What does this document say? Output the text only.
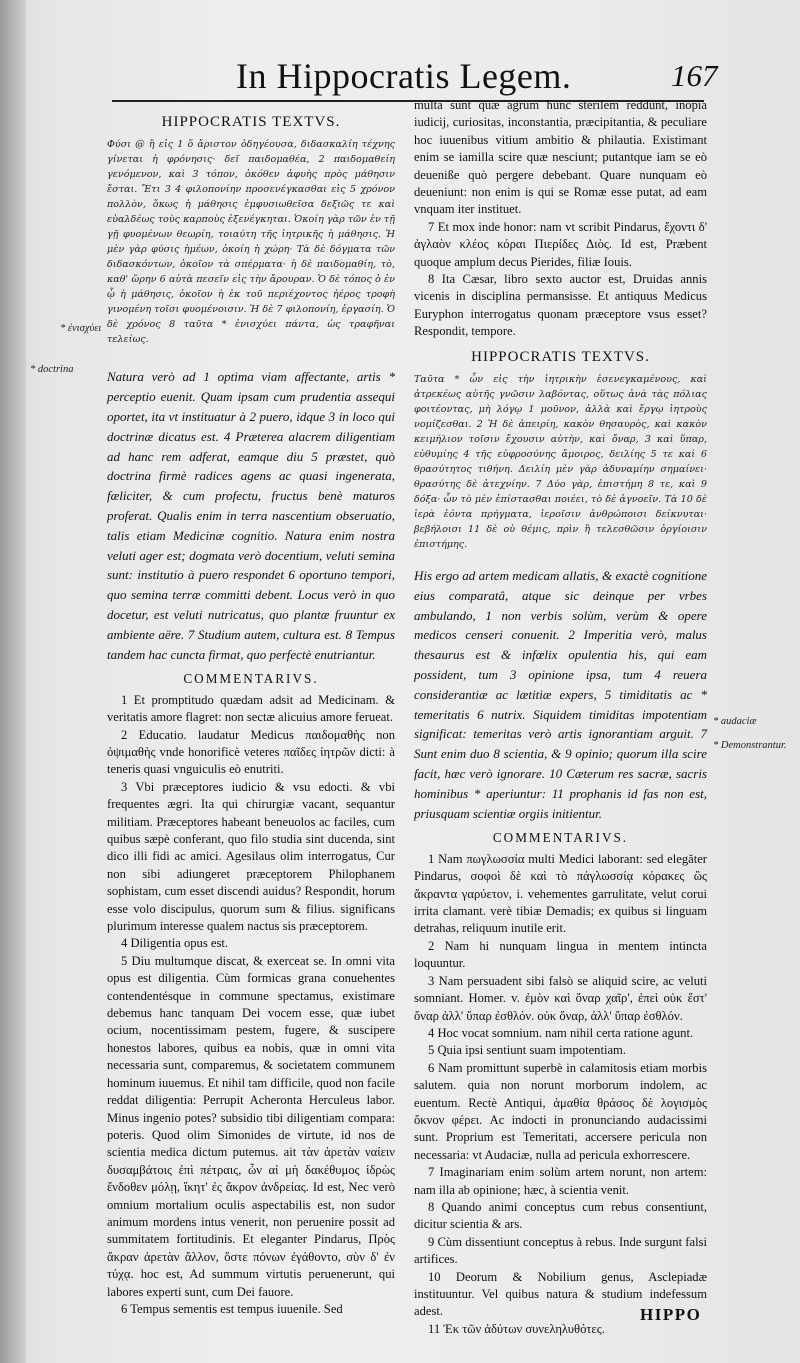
In Hippocratis Legem.	167
* ἐνισχύει
* doctrina
* audaciæ
* Demonstrantur.
HIPPOCRATIS TEXTVS.

Φύσι @ ἢ εἰς 1 ὅ ἄριστον ὁδηγέουσα, διδασκαλίη τέχνης γίνεται ἡ φρόνησις· δεῖ παιδομαθέα, 2 παιδομαθείη γενόμενον, καὶ 3 τόπον, ὁκόθεν ἀφυὴς πρὸς μάθησιν ἔσται. Ἔτι 3 4 φιλοπονίην προσενέγκασθαι εἰς 5 χρόνον πολλὸν, ὅκως ἡ μάθησις ἐμφυσιωθεῖσα δεξιῶς τε καὶ εὐαλδέως τοὺς καρποὺς ἐξενέγκηται. Ὁκοίη γὰρ τῶν ἐν τῇ γῇ φυομένων θεωρίη, τοιαύτη τῆς ἰητρικῆς ἡ μάθησις. Ἡ μὲν γὰρ φύσις ἡμέων, ὁκοίη ἡ χώρη· Τὰ δὲ δόγματα τῶν διδασκόντων, ὁκοῖον τὰ σπέρματα· ἡ δὲ παιδομαθίη, τὸ, καθ' ὥρην 6 αὐτὰ πεσεῖν εἰς τὴν ἄρουραν. Ὁ δὲ τόπος ὁ ἐν ᾧ ἡ μάθησις, ὁκοῖον ἡ ἐκ τοῦ περιέχοντος ἠέρος τροφὴ γινομένη τοῖσι φυομένοισιν. Ἡ δὲ 7 φιλοπονίη, ἐργασίη. Ὁ δὲ χρόνος 8 ταῦτα * ἐνισχύει πάντα, ὡς τραφῆναι τελείως.

Natura verò ad 1 optima viam affectante, artis * perceptio euenit. Quam ipsam cum prudentia assequi oportet, ita vt instituatur à 2 puero, idque 3 in loco qui doctrinæ dicatus est. 4 Præterea alacrem diligentiam ad hanc rem adferat, eamque diu 5 præstet, quò doctrina firmè radices agens ac quasi ingenerata, fæliciter, & cum profectu, fructus benè maturos proferat. Qualis enim in terra nascentium obseruatio, talis etiam Medicinæ cognitio. Natura enim nostra veluti ager est; dogmata verò docentium, veluti semina sunt: institutio à puero respondet 6 oportuno tempori, quo semina terræ committi debent. Locus verò in quo docetur, est veluti nutricatus, quo plantæ fruuntur ex ambiente aëre. 7 Studium autem, cultura est. 8 Tempus tandem hac cuncta firmat, quo perfectè enutriantur.

COMMENTARIVS.

1 Et promptitudo quædam adsit ad Medicinam. & veritatis amore flagret: non sectæ alicuius amore ferueat.

2 Educatio. laudatur Medicus παιδομαθὴς non ὀψιμαθὴς vnde honorificè veteres παῖδες ἰητρῶν dicti: à teneris quasi vnguiculis eò enutriti.

3 Vbi præceptores iudicio & vsu edocti. & vbi frequentes ægri. Ita qui chirurgiæ vacant, sequantur militiam. Præceptores habeant beneuolos ac faciles, cum quibus sæpè conferant, quo filo studia sint ducenda, sint dico illi fidi ac amici. Agesilaus olim interrogatus, Cur non sibi adiungeret præceptorem Philophanem sophistam, cum esset discendi auidus? Respondit, horum esse volo discipulus, quorum sum & filius. significans plurimum interesse qualem nactus sis præceptorem.

4 Diligentia opus est.

5 Diu multumque discat, & exerceat se. In omni vita opus est diligentia. Cùm formicas grana conuehentes contendentésque in commune spectamus, existimare debemus hanc tanquam Dei vocem esse, quæ iubet ocium, nocentissimam pestem, fugere, & suscipere honestos labores, quibus ea nobis, quæ in omni vita necessaria sunt, comparemus, & societatem communem hominum iuuemus. Et nihil tam difficile, quod non facile reddat diligentia: Perrupit Acheronta Herculeus labor. Minus ingenio potes? subsidio tibi diligentiam compara: poteris. Quod olim Simonides de virtute, id nos de scientia medica dictum putemus. ait τὰν ἀρετὰν ναίειν δυσαμβάτοις ἐπὶ πέτραις, ὦν αἰ μὴ δακέθυμος ἱδρὼς ἔνδοθεν μόλῃ, ἵκητ' ἐς ἄκρον ἀνδρείας. Id est, Nec verò omnium mortalium oculis aspectabilis est, non sudor animum mordens intus venerit, non peruenire possit ad summitatem fortitudinis. Et eleganter Pindarus, Πρὸς ἄκραν ἀρετὰν ἄλλον, ὅστε πόνων ἐγάθοντο, σὺν δ' ἐν τύχᾳ. hoc est, Ad summum virtutis peruenerunt, qui labores experti sunt, cum Dei fauore.

6 Tempus sementis est tempus iuuenile. Sed

multa sunt quæ agrum hunc sterilem reddunt, inopia iudicij, curiositas, inconstantia, præcipitantia, & peculiare hoc iuuenibus vitium ambitio & philautia. Existimant enim se iamilla scire quæ nesciunt; putantque iam se eò deueniße quò pergere debebant. Quare nunquam eò deueniunt: non enim is qui se Romæ esse putat, ad eam vnquam iter instituet.

7 Et mox inde honor: nam vt scribit Pindarus, ἔχοντι δ' ἀγλαὸν κλέος κόραι Πιερίδες Διὸς. Id est, Præbent quoque amplum decus Pierides, filiæ Iouis.

8 Ita Cæsar, libro sexto auctor est, Druidas annis vicenis in disciplina permansisse. Et antiquus Medicus Euryphon interrogatus quonam præceptore vsus esset? Respondit, tempore.

HIPPOCRATIS TEXTVS.

Ταῦτα * ὦν εἰς τὴν ἰητρικὴν ἐσενεγκαμένους, καὶ ἀτρεκέως αὐτῆς γνῶσιν λαβόντας, οὕτως ἀνὰ τὰς πόλιας φοιτέοντας, μὴ λόγῳ 1 μοῦνον, ἀλλὰ καὶ ἔργῳ ἰητροὺς νομίζεσθαι. 2 Ἡ δὲ ἀπειρίη, κακὸν θησαυρὸς, καὶ κακὸν κειμήλιον τοῖσιν ἔχουσιν αὐτὴν, καὶ ὄναρ, 3 καὶ ὕπαρ, εὐθυμίης 4 τῆς εὐφροσύνης ἄμοιρος, δειλίης 5 τε καὶ 6 θρασύτητος τιθήνη. Δειλίη μὲν γὰρ ἀδυναμίην σημαίνει· θρασύτης δὲ ἀτεχνίην. 7 Δύο γὰρ, ἐπιστήμη 8 τε, καὶ 9 δόξα· ὧν τὸ μὲν ἐπίστασθαι ποιέει, τὸ δὲ ἀγνοεῖν. Τὰ 10 δὲ ἱερὰ ἐόντα πρήγματα, ἱεροῖσιν ἀνθρώποισι δείκνυται· βεβήλοισι 11 δὲ οὐ θέμις, πρὶν ἢ τελεσθῶσιν ὀργίοισιν ἐπιστήμης.

His ergo ad artem medicam allatis, & exactè cognitione eius comparatâ, atque sic deinque per vrbes ambulando, 1 non verbis solùm, verùm & opere medicos censeri conuenit. 2 Imperitia verò, malus thesaurus est & infœlix opulentia his, qui eam possident, tum 3 opinione ipsa, tum 4 reuera considerantiæ ac lætitiæ expers, 5 timiditatis ac * temeritatis 6 nutrix. Siquidem timiditas impotentiam significat: temeritas verò artis ignorantiam arguit. 7 Sunt enim duo 8 scientia, & 9 opinio; quorum illa scire facit, hæc verò ignorare. 10 Cæterum res sacræ, sacris hominibus * aperiuntur: 11 prophanis id fas non est, priusquam scientiæ orgiis initientur.

COMMENTARIVS.

1 Nam πωγλωσσία multi Medici laborant: sed elegăter Pindarus, σοφοὶ δὲ καὶ τὸ πάγλωσσίᾳ κόρακες ὣς ἄκραντα γαρύετον, i. vehementes garrulitate, velut corui irrita clamant. verè tibiæ Demadis; ex quibus si linguam detrahas, reliquum inutile erit.

2 Nam hi nunquam lingua in mentem intincta loquuntur.

3 Nam persuadent sibi falsò se aliquid scire, ac veluti somniant. Homer. v. ἐμὸν καὶ ὄναρ χαῖρ', ἐπεὶ οὐκ ἔστ' ὄναρ ἀλλ' ὕπαρ ἐσθλόν. οὐκ ὄναρ, ἀλλ' ὕπαρ ἐσθλόν.

4 Hoc vocat somnium. nam nihil certa ratione agunt.

5 Quia ipsi sentiunt suam impotentiam.

6 Nam promittunt superbè in calamitosis etiam morbis salutem. quia non norunt morborum indolem, ac euentum. Rectè Antiqui, ἀμαθία θράσος δὲ λογισμὸς ὄκνον φέρει. Ac indocti in pronunciando audacissimi sunt. Proprium est Temeritati, accersere pericula non necessaria: vt Audaciæ, nulla ad pericula exhorrescere.

7 Imaginariam enim solùm artem norunt, non artem: nam illa ab opinione; hæc, à scientia venit.

8 Quando animi conceptus cum rebus consentiunt, dicitur scientia & ars.

9 Cùm dissentiunt conceptus à rebus. Inde surgunt falsi artifices.

10 Deorum & Nobilium genus, Asclepiadæ instituuntur. Vel quibus natura & studium indefessum adest.

11 Ἐκ τῶν ἀδύτων συνεληλυθότες.

HIPPO
